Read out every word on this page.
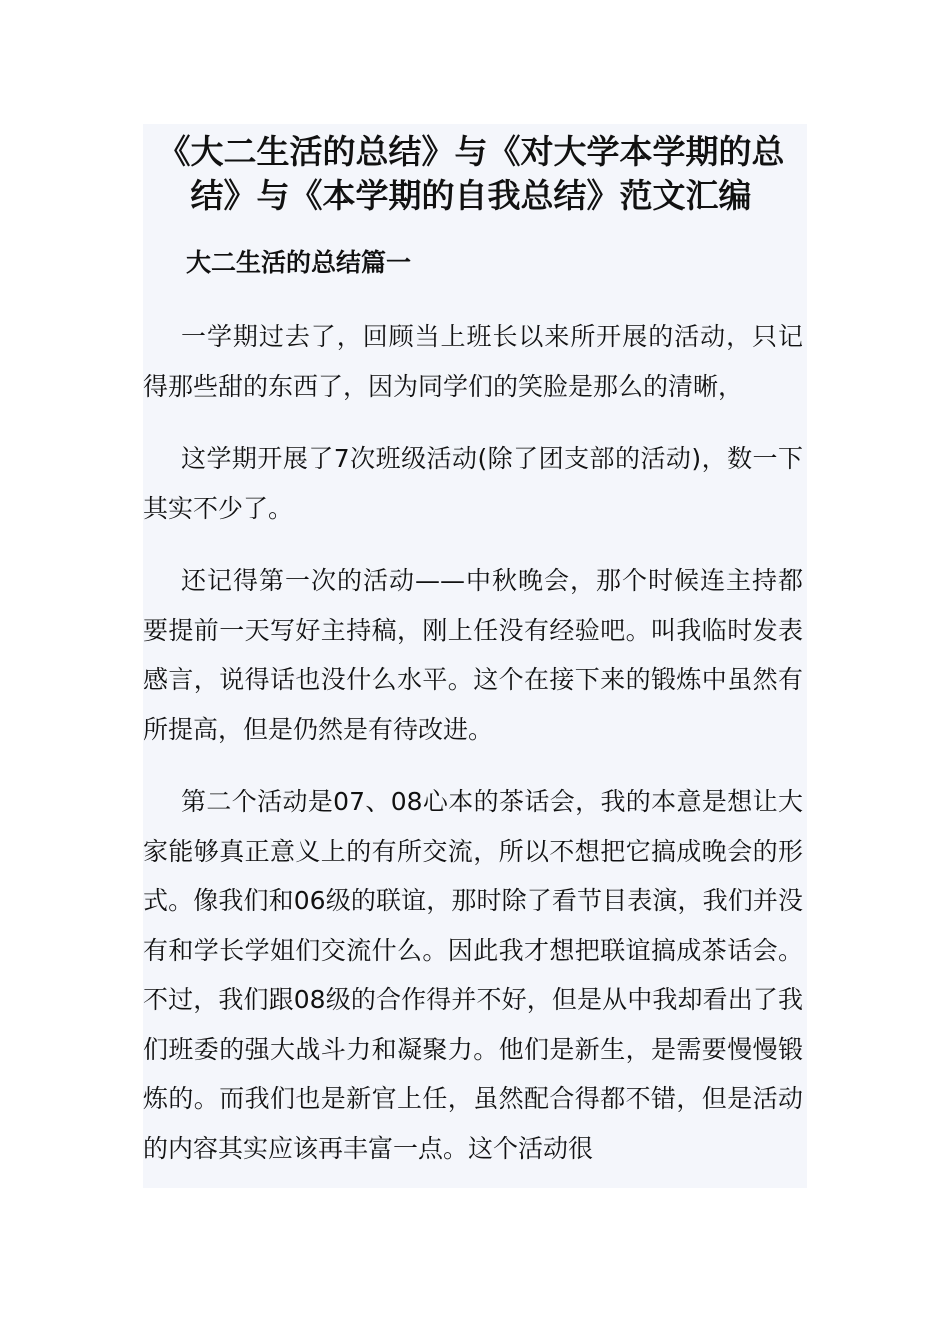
《大二生活的总结》与《对大学本学期的总结》与《本学期的自我总结》范文汇编
大二生活的总结篇一

一学期过去了，回顾当上班长以来所开展的活动，只记得那些甜的东西了，因为同学们的笑脸是那么的清晰，

这学期开展了7次班级活动(除了团支部的活动)，数一下其实不少了。

还记得第一次的活动——中秋晚会，那个时候连主持都要提前一天写好主持稿，刚上任没有经验吧。叫我临时发表感言，说得话也没什么水平。这个在接下来的锻炼中虽然有所提高，但是仍然是有待改进。

第二个活动是07、08心本的茶话会，我的本意是想让大家能够真正意义上的有所交流，所以不想把它搞成晚会的形式。像我们和06级的联谊，那时除了看节目表演，我们并没有和学长学姐们交流什么。因此我才想把联谊搞成茶话会。不过，我们跟08级的合作得并不好，但是从中我却看出了我们班委的强大战斗力和凝聚力。他们是新生，是需要慢慢锻炼的。而我们也是新官上任，虽然配合得都不错，但是活动的内容其实应该再丰富一点。这个活动很
